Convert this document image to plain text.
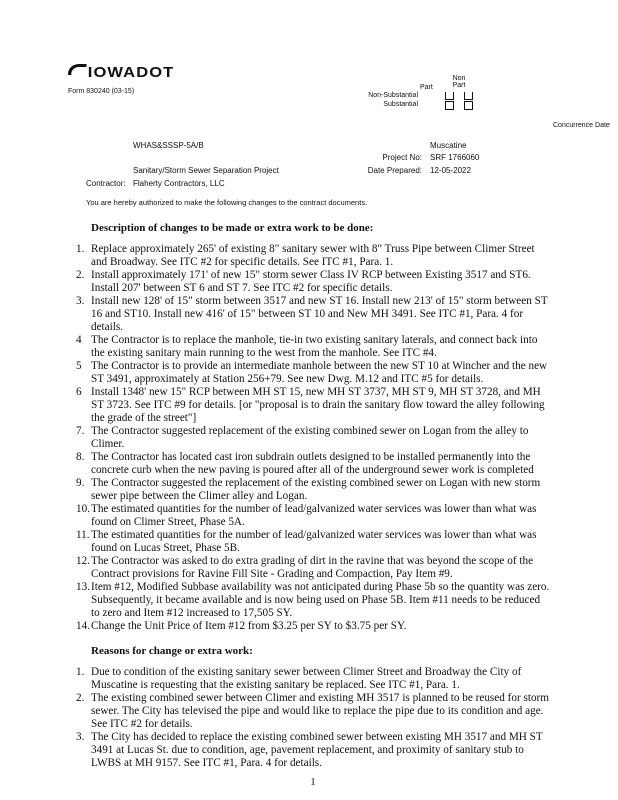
IOWADOT
Form 830240 (03-15)
Part
Non Part
Non-Substantial
Substantial
Concurrence Date
WHAS&SSSP-5A/B	Muscatine
Project No: SRF 1766060
Sanitary/Storm Sewer Separation Project	Date Prepared: 12-05-2022
Contractor: Flaherty Contractors, LLC
You are hereby authorized to make the following changes to the contract documents.
Description of changes to be made or extra work to be done:
1. Replace approximately 265' of existing 8" sanitary sewer with 8" Truss Pipe between Climer Street and Broadway. See ITC #2 for specific details. See ITC #1, Para. 1.
2. Install approximately 171' of new 15" storm sewer Class IV RCP between Existing 3517 and ST6. Install 207' between ST 6 and ST 7. See ITC #2 for specific details.
3. Install new 128' of 15" storm between 3517 and new ST 16. Install new 213' of 15" storm between ST 16 and ST10. Install new 416' of 15" between ST 10 and New MH 3491. See ITC #1, Para. 4 for details.
4 The Contractor is to replace the manhole, tie-in two existing sanitary laterals, and connect back into the existing sanitary main running to the west from the manhole. See ITC #4.
5 The Contractor is to provide an intermediate manhole between the new ST 10 at Wincher and the new ST 3491, approximately at Station 256+79. See new Dwg. M.12 and ITC #5 for details.
6 Install 1348' new 15" RCP between MH ST 15, new MH ST 3737, MH ST 9, MH ST 3728, and MH ST 3723. See ITC #9 for details. [or "proposal is to drain the sanitary flow toward the alley following the grade of the street"]
7. The Contractor suggested replacement of the existing combined sewer on Logan from the alley to Climer.
8. The Contractor has located cast iron subdrain outlets designed to be installed permanently into the concrete curb when the new paving is poured after all of the underground sewer work is completed
9. The Contractor suggested the replacement of the existing combined sewer on Logan with new storm sewer pipe between the Climer alley and Logan.
10. The estimated quantities for the number of lead/galvanized water services was lower than what was found on Climer Street, Phase 5A.
11. The estimated quantities for the number of lead/galvanized water services was lower than what was found on Lucas Street, Phase 5B.
12. The Contractor was asked to do extra grading of dirt in the ravine that was beyond the scope of the Contract provisions for Ravine Fill Site - Grading and Compaction, Pay Item #9.
13. Item #12, Modified Subbase availability was not anticipated during Phase 5b so the quantity was zero. Subsequently, it became available and is now being used on Phase 5B. Item #11 needs to be reduced to zero and Item #12 increased to 17,505 SY.
14. Change the Unit Price of Item #12 from $3.25 per SY to $3.75 per SY.
Reasons for change or extra work:
1. Due to condition of the existing sanitary sewer between Climer Street and Broadway the City of Muscatine is requesting that the existing sanitary be replaced. See ITC #1, Para. 1.
2. The existing combined sewer between Climer and existing MH 3517 is planned to be reused for storm sewer. The City has televised the pipe and would like to replace the pipe due to its condition and age. See ITC #2 for details.
3. The City has decided to replace the existing combined sewer between existing MH 3517 and MH ST 3491 at Lucas St. due to condition, age, pavement replacement, and proximity of sanitary stub to LWBS at MH 9157. See ITC #1, Para. 4 for details.
1
